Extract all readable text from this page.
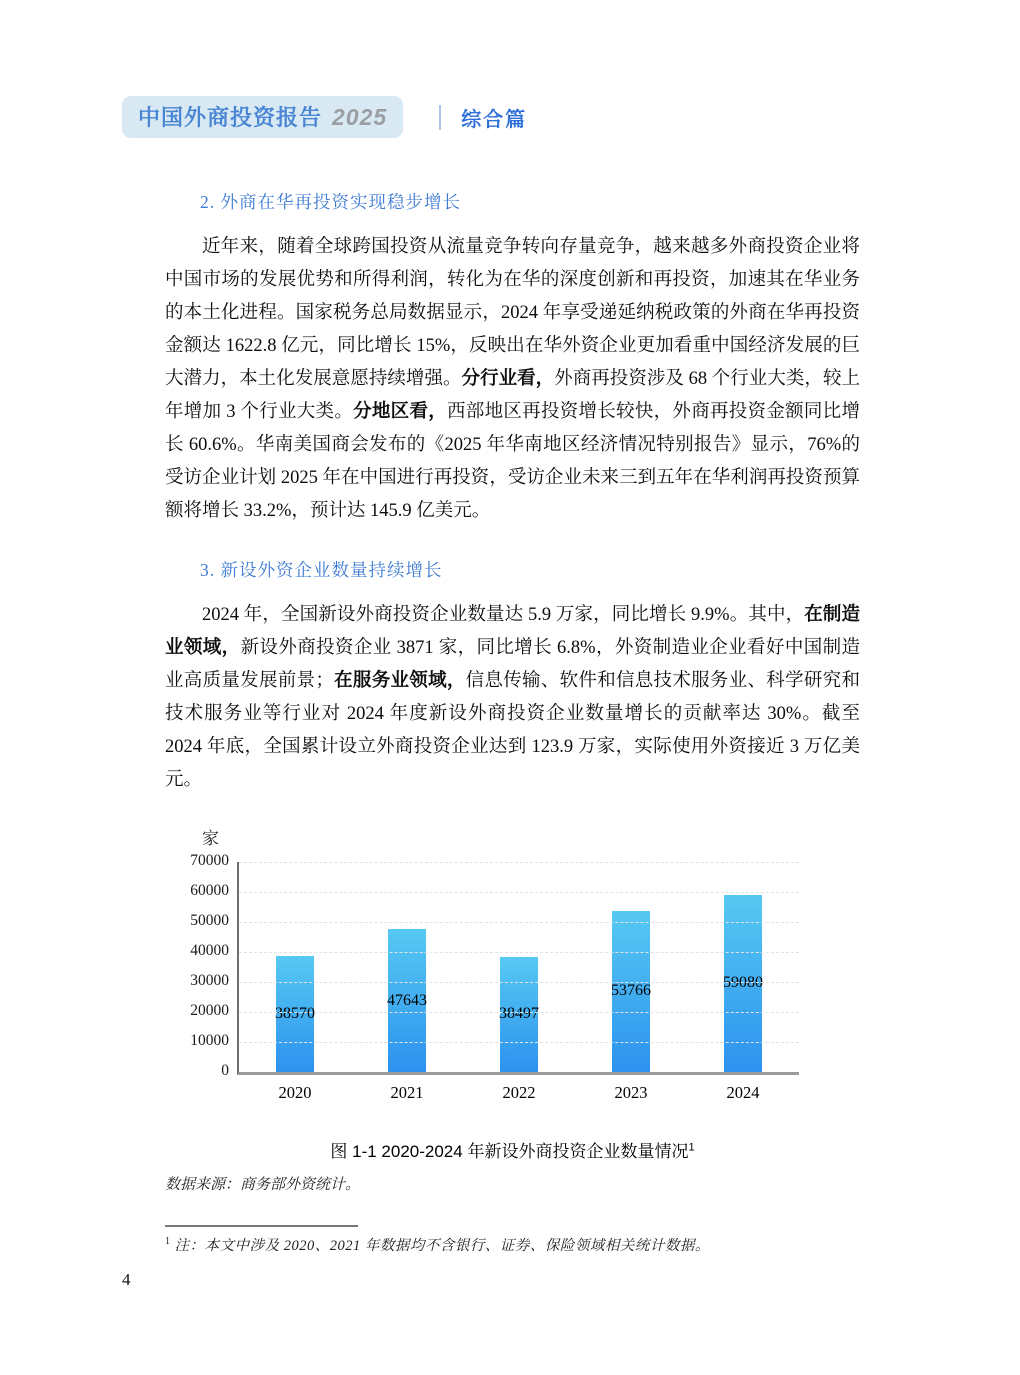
中国外商投资报告 2025	综合篇
2. 外商在华再投资实现稳步增长

近年来，随着全球跨国投资从流量竞争转向存量竞争，越来越多外商投资企业将中国市场的发展优势和所得利润，转化为在华的深度创新和再投资，加速其在华业务的本土化进程。国家税务总局数据显示，2024 年享受递延纳税政策的外商在华再投资金额达 1622.8 亿元，同比增长 15%，反映出在华外资企业更加看重中国经济发展的巨大潜力，本土化发展意愿持续增强。分行业看，外商再投资涉及 68 个行业大类，较上年增加 3 个行业大类。分地区看，西部地区再投资增长较快，外商再投资金额同比增长 60.6%。华南美国商会发布的《2025 年华南地区经济情况特别报告》显示，76%的受访企业计划 2025 年在中国进行再投资，受访企业未来三到五年在华利润再投资预算额将增长 33.2%，预计达 145.9 亿美元。

3. 新设外资企业数量持续增长

2024 年，全国新设外商投资企业数量达 5.9 万家，同比增长 9.9%。其中，在制造业领域，新设外商投资企业 3871 家，同比增长 6.8%，外资制造业企业看好中国制造业高质量发展前景；在服务业领域，信息传输、软件和信息技术服务业、科学研究和技术服务业等行业对 2024 年度新设外商投资企业数量增长的贡献率达 30%。截至 2024 年底，全国累计设立外商投资企业达到 123.9 万家，实际使用外资接近 3 万亿美元。

家
0
10000
20000
30000
40000
50000
60000
70000
38570
47643
38497
53766	59080
2020	2021	2022	2023	2024
图 1-1 2020-2024 年新设外商投资企业数量情况$^1$
数据来源：商务部外资统计。
$^1$ 注：本文中涉及 2020、2021 年数据均不含银行、证券、保险领域相关统计数据。
4
